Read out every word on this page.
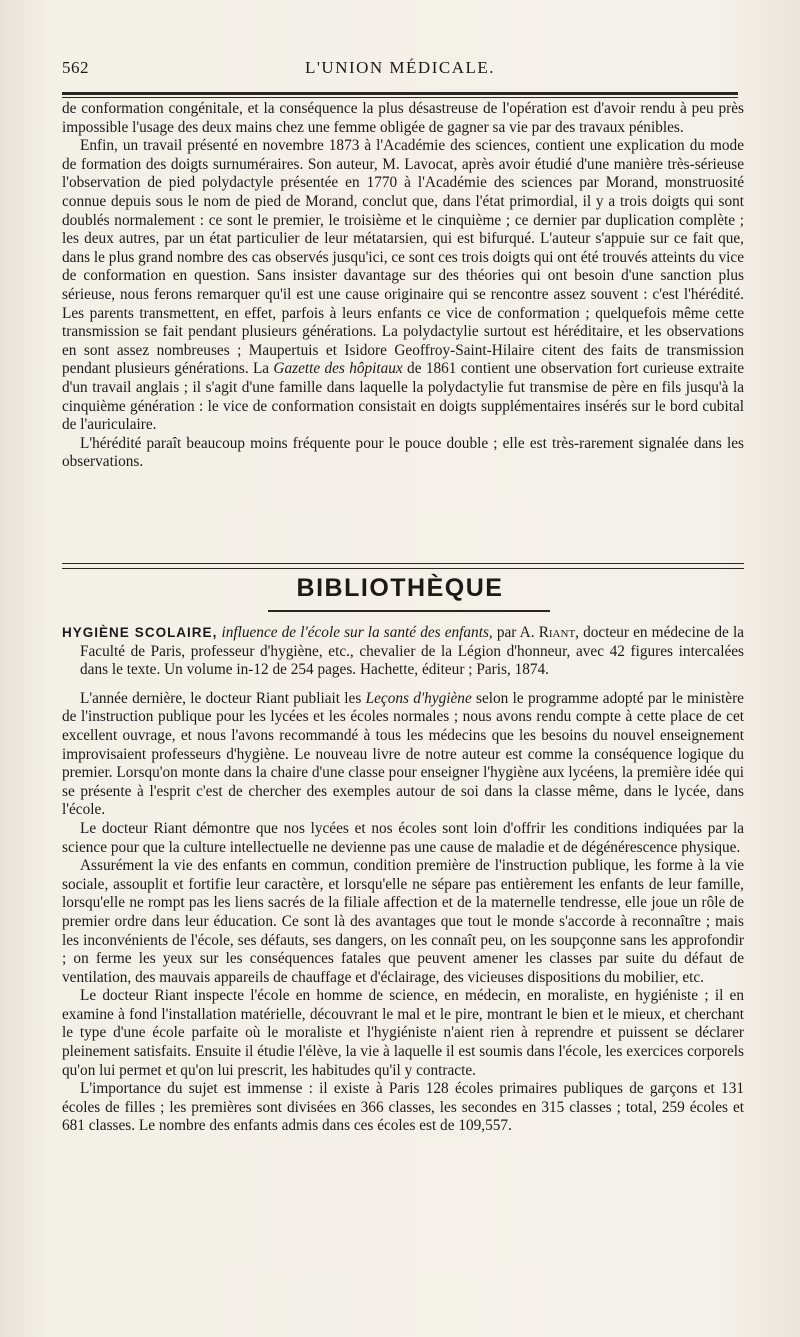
562	L'UNION MÉDICALE.

de conformation congénitale, et la conséquence la plus désastreuse de l'opération est d'avoir rendu à peu près impossible l'usage des deux mains chez une femme obligée de gagner sa vie par des travaux pénibles.

Enfin, un travail présenté en novembre 1873 à l'Académie des sciences, contient une explication du mode de formation des doigts surnuméraires. Son auteur, M. Lavocat, après avoir étudié d'une manière très-sérieuse l'observation de pied polydactyle présentée en 1770 à l'Académie des sciences par Morand, monstruosité connue depuis sous le nom de pied de Morand, conclut que, dans l'état primordial, il y a trois doigts qui sont doublés normalement : ce sont le premier, le troisième et le cinquième ; ce dernier par duplication complète ; les deux autres, par un état particulier de leur métatarsien, qui est bifurqué. L'auteur s'appuie sur ce fait que, dans le plus grand nombre des cas observés jusqu'ici, ce sont ces trois doigts qui ont été trouvés atteints du vice de conformation en question. Sans insister davantage sur des théories qui ont besoin d'une sanction plus sérieuse, nous ferons remarquer qu'il est une cause originaire qui se rencontre assez souvent : c'est l'hérédité. Les parents transmettent, en effet, parfois à leurs enfants ce vice de conformation ; quelquefois même cette transmission se fait pendant plusieurs générations. La polydactylie surtout est héréditaire, et les observations en sont assez nombreuses ; Maupertuis et Isidore Geoffroy-Saint-Hilaire citent des faits de transmission pendant plusieurs générations. La Gazette des hôpitaux de 1861 contient une observation fort curieuse extraite d'un travail anglais ; il s'agit d'une famille dans laquelle la polydactylie fut transmise de père en fils jusqu'à la cinquième génération : le vice de conformation consistait en doigts supplémentaires insérés sur le bord cubital de l'auriculaire.

L'hérédité paraît beaucoup moins fréquente pour le pouce double ; elle est très-rarement signalée dans les observations.

BIBLIOTHÈQUE

HYGIÈNE SCOLAIRE, influence de l'école sur la santé des enfants, par A. Riant, docteur en médecine de la Faculté de Paris, professeur d'hygiène, etc., chevalier de la Légion d'honneur, avec 42 figures intercalées dans le texte. Un volume in-12 de 254 pages. Hachette, éditeur ; Paris, 1874.

L'année dernière, le docteur Riant publiait les Leçons d'hygiène selon le programme adopté par le ministère de l'instruction publique pour les lycées et les écoles normales ; nous avons rendu compte à cette place de cet excellent ouvrage, et nous l'avons recommandé à tous les médecins que les besoins du nouvel enseignement improvisaient professeurs d'hygiène. Le nouveau livre de notre auteur est comme la conséquence logique du premier. Lorsqu'on monte dans la chaire d'une classe pour enseigner l'hygiène aux lycéens, la première idée qui se présente à l'esprit c'est de chercher des exemples autour de soi dans la classe même, dans le lycée, dans l'école.

Le docteur Riant démontre que nos lycées et nos écoles sont loin d'offrir les conditions indiquées par la science pour que la culture intellectuelle ne devienne pas une cause de maladie et de dégénérescence physique.

Assurément la vie des enfants en commun, condition première de l'instruction publique, les forme à la vie sociale, assouplit et fortifie leur caractère, et lorsqu'elle ne sépare pas entièrement les enfants de leur famille, lorsqu'elle ne rompt pas les liens sacrés de la filiale affection et de la maternelle tendresse, elle joue un rôle de premier ordre dans leur éducation. Ce sont là des avantages que tout le monde s'accorde à reconnaître ; mais les inconvénients de l'école, ses défauts, ses dangers, on les connaît peu, on les soupçonne sans les approfondir ; on ferme les yeux sur les conséquences fatales que peuvent amener les classes par suite du défaut de ventilation, des mauvais appareils de chauffage et d'éclairage, des vicieuses dispositions du mobilier, etc.

Le docteur Riant inspecte l'école en homme de science, en médecin, en moraliste, en hygiéniste ; il en examine à fond l'installation matérielle, découvrant le mal et le pire, montrant le bien et le mieux, et cherchant le type d'une école parfaite où le moraliste et l'hygiéniste n'aient rien à reprendre et puissent se déclarer pleinement satisfaits. Ensuite il étudie l'élève, la vie à laquelle il est soumis dans l'école, les exercices corporels qu'on lui permet et qu'on lui prescrit, les habitudes qu'il y contracte.

L'importance du sujet est immense : il existe à Paris 128 écoles primaires publiques de garçons et 131 écoles de filles ; les premières sont divisées en 366 classes, les secondes en 315 classes ; total, 259 écoles et 681 classes. Le nombre des enfants admis dans ces écoles est de 109,557.
